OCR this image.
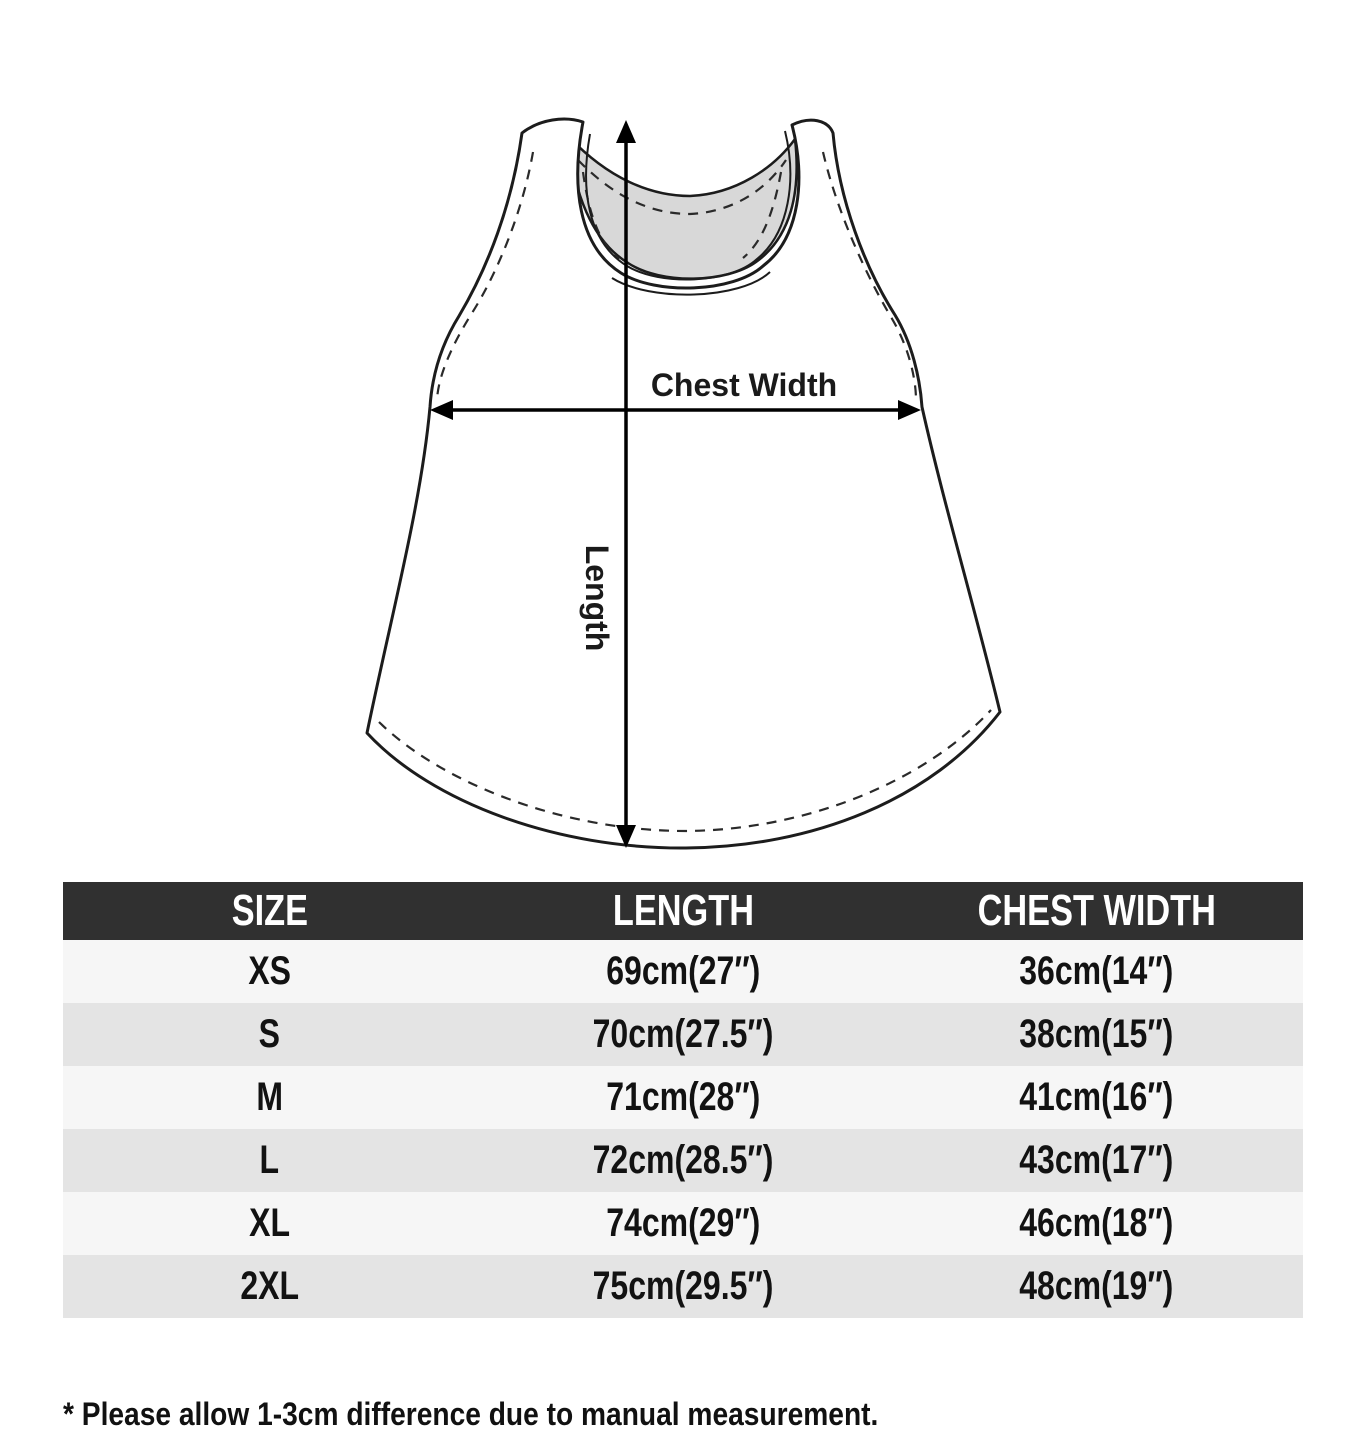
Chest Width
Length
SIZE	LENGTH	CHEST WIDTH
XS	69cm(27″)	36cm(14″)
S	70cm(27.5″)	38cm(15″)
M	71cm(28″)	41cm(16″)
L	72cm(28.5″)	43cm(17″)
XL	74cm(29″)	46cm(18″)
2XL	75cm(29.5″)	48cm(19″)
* Please allow 1-3cm difference due to manual measurement.
